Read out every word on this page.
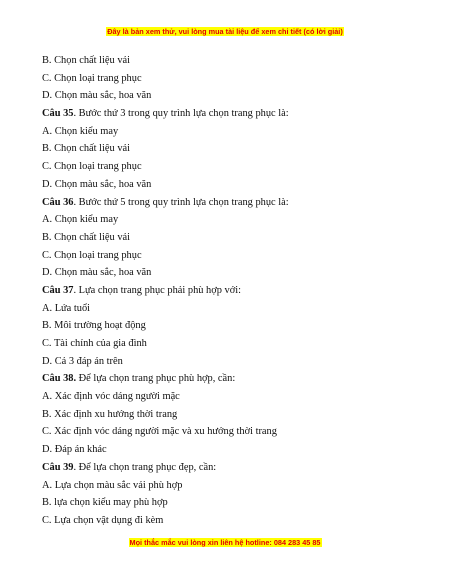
Đây là bản xem thử, vui lòng mua tài liệu để xem chi tiết (có lời giải)
B. Chọn chất liệu vải
C. Chọn loại trang phục
D. Chọn màu sắc, hoa văn
Câu 35. Bước thứ 3 trong quy trình lựa chọn trang phục là:
A. Chọn kiểu may
B. Chọn chất liệu vải
C. Chọn loại trang phục
D. Chọn màu sắc, hoa văn
Câu 36. Bước thứ 5 trong quy trình lựa chọn trang phục là:
A. Chọn kiểu may
B. Chọn chất liệu vải
C. Chọn loại trang phục
D. Chọn màu sắc, hoa văn
Câu 37. Lựa chọn trang phục phải phù hợp với:
A. Lứa tuổi
B. Môi trường hoạt động
C. Tài chính của gia đình
D. Cả 3 đáp án trên
Câu 38. Để lựa chọn trang phục phù hợp, cần:
A. Xác định vóc dáng người mặc
B. Xác định xu hướng thời trang
C. Xác định vóc dáng người mặc và xu hướng thời trang
D. Đáp án khác
Câu 39. Để lựa chọn trang phục đẹp, cần:
A. Lựa chọn màu sắc vải phù hợp
B. lựa chọn kiểu may phù hợp
C. Lựa chọn vật dụng đi kèm
Mọi thắc mắc vui lòng xin liên hệ hotline: 084 283 45 85
